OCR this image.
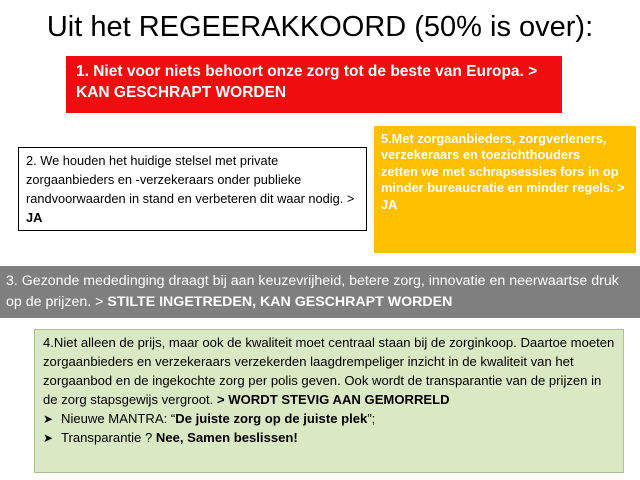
Uit het REGEERAKKOORD (50% is over):
1. Niet voor niets behoort onze zorg tot de beste van Europa. > KAN GESCHRAPT WORDEN
2. We houden het huidige stelsel met private zorgaanbieders en -verzekeraars onder publieke randvoorwaarden in stand en verbeteren dit waar nodig. > JA
5.Met zorgaanbieders, zorgverleners, verzekeraars en toezichthouders
zetten we met schrapsessies fors in op minder bureaucratie en minder regels. > JA
3. Gezonde mededinging draagt bij aan keuzevrijheid, betere zorg, innovatie en neerwaartse druk op de prijzen. > STILTE INGETREDEN, KAN GESCHRAPT WORDEN
4.Niet alleen de prijs, maar ook de kwaliteit moet centraal staan bij de zorginkoop. Daartoe moeten zorgaanbieders en verzekeraars verzekerden laagdrempeliger inzicht in de kwaliteit van het zorgaanbod en de ingekochte zorg per polis geven. Ook wordt de transparantie van de prijzen in de zorg stapsgewijs vergroot. > WORDT STEVIG AAN GEMORRELD
➤ Nieuwe MANTRA: “De juiste zorg op de juiste plek”;
➤ Transparantie ? Nee, Samen beslissen!
